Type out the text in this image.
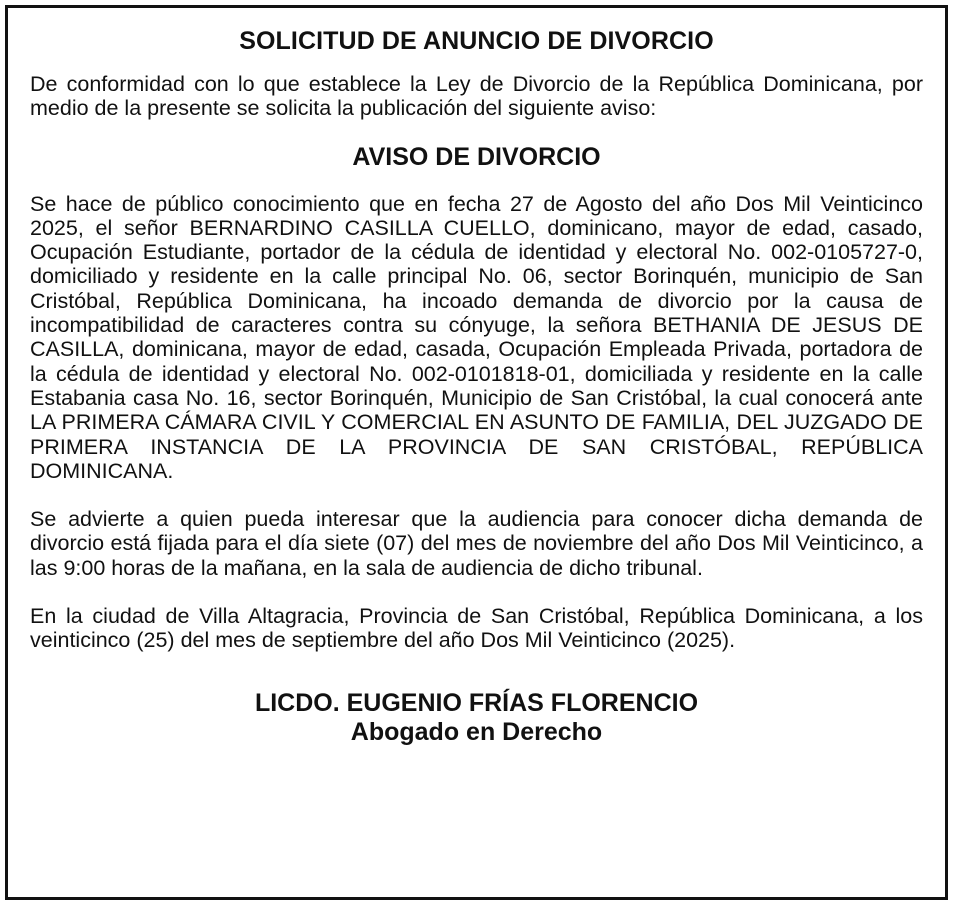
SOLICITUD DE ANUNCIO DE DIVORCIO

De conformidad con lo que establece la Ley de Divorcio de la República Dominicana, por medio de la presente se solicita la publicación del siguiente aviso:

AVISO DE DIVORCIO

Se hace de público conocimiento que en fecha 27 de Agosto del año Dos Mil Veinticinco 2025, el señor BERNARDINO CASILLA CUELLO, dominicano, mayor de edad, casado, Ocupación Estudiante, portador de la cédula de identidad y electoral No. 002-0105727-0, domiciliado y residente en la calle principal No. 06, sector Borinquén, municipio de San Cristóbal, República Dominicana, ha incoado demanda de divorcio por la causa de incompatibilidad de caracteres contra su cónyuge, la señora BETHANIA DE JESUS DE CASILLA, dominicana, mayor de edad, casada, Ocupación Empleada Privada, portadora de la cédula de identidad y electoral No. 002-0101818-01, domiciliada y residente en la calle Estabania casa No. 16, sector Borinquén, Municipio de San Cristóbal, la cual conocerá ante LA PRIMERA CÁMARA CIVIL Y COMERCIAL EN ASUNTO DE FAMILIA, DEL JUZGADO DE PRIMERA INSTANCIA DE LA PROVINCIA DE SAN CRISTÓBAL, REPÚBLICA DOMINICANA.

Se advierte a quien pueda interesar que la audiencia para conocer dicha demanda de divorcio está fijada para el día siete (07) del mes de noviembre del año Dos Mil Veinticinco, a las 9:00 horas de la mañana, en la sala de audiencia de dicho tribunal.

En la ciudad de Villa Altagracia, Provincia de San Cristóbal, República Dominicana, a los veinticinco (25) del mes de septiembre del año Dos Mil Veinticinco (2025).

LICDO. EUGENIO FRÍAS FLORENCIO
Abogado en Derecho
